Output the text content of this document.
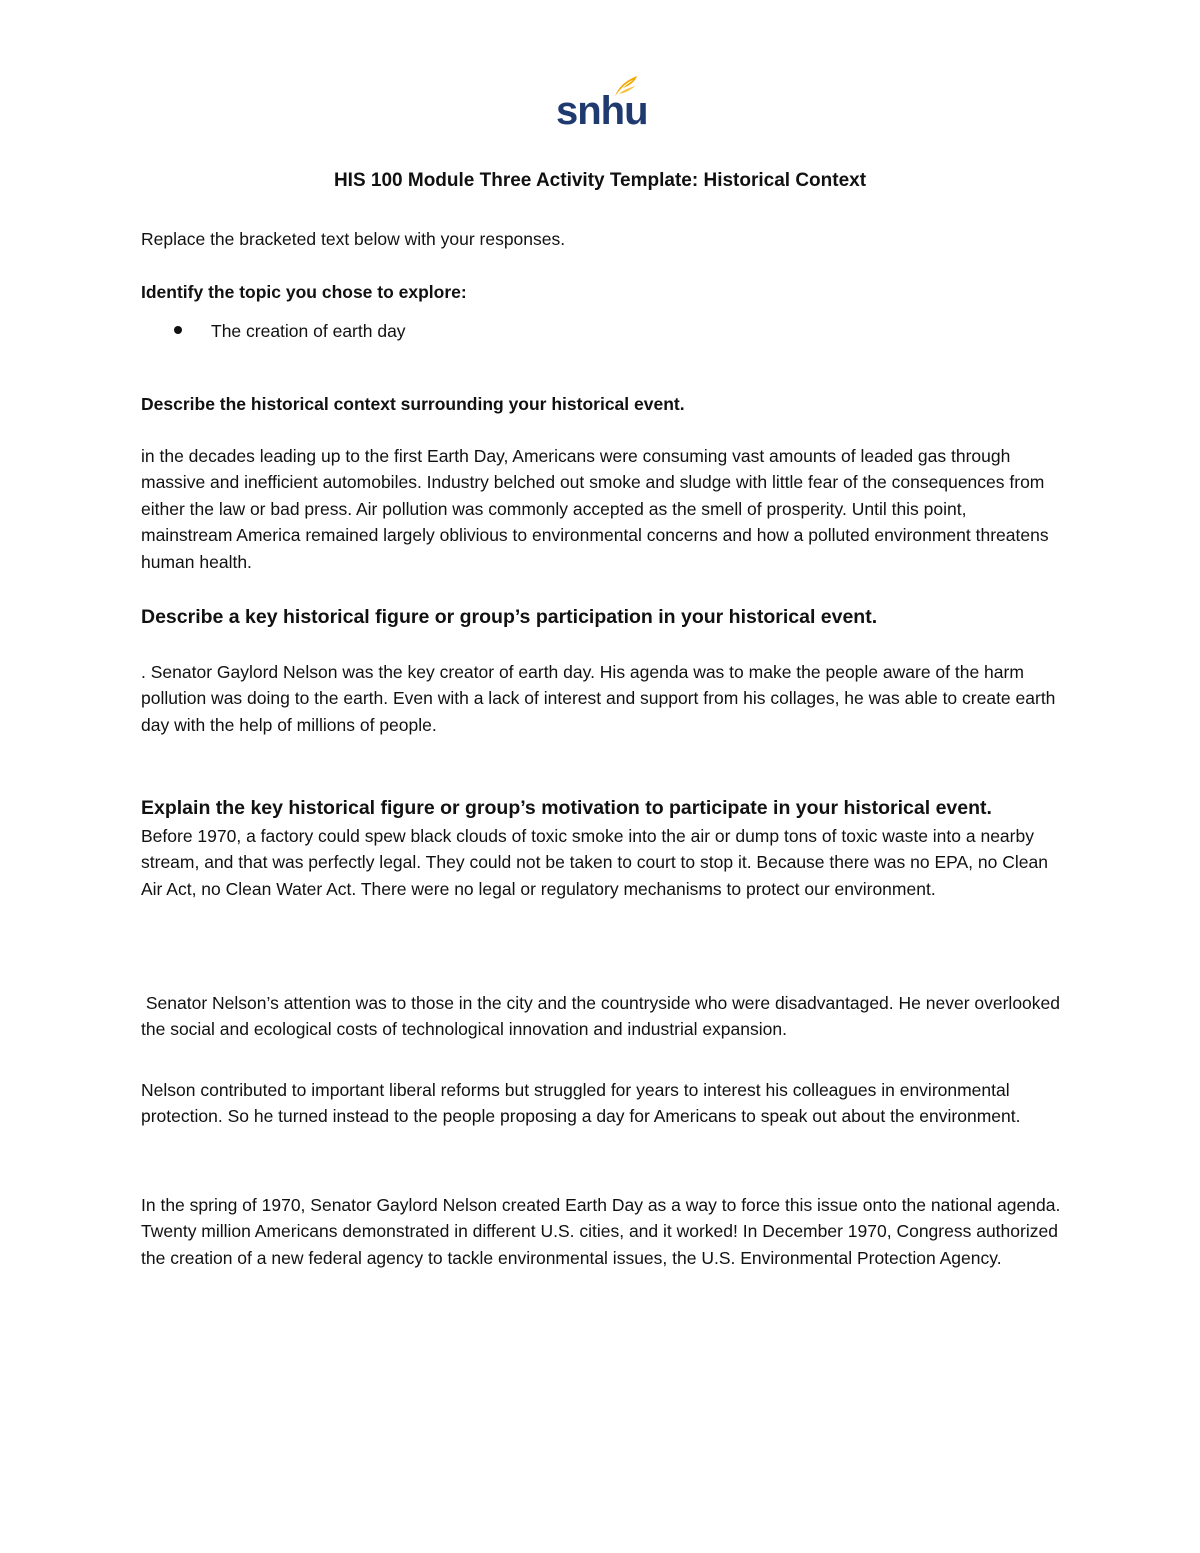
snhu
HIS 100 Module Three Activity Template: Historical Context

Replace the bracketed text below with your responses.

Identify the topic you chose to explore:

The creation of earth day

Describe the historical context surrounding your historical event.

in the decades leading up to the first Earth Day, Americans were consuming vast amounts of leaded gas through massive and inefficient automobiles. Industry belched out smoke and sludge with little fear of the consequences from either the law or bad press. Air pollution was commonly accepted as the smell of prosperity. Until this point, mainstream America remained largely oblivious to environmental concerns and how a polluted environment threatens human health.

Describe a key historical figure or group’s participation in your historical event.

. Senator Gaylord Nelson was the key creator of earth day. His agenda was to make the people aware of the harm pollution was doing to the earth. Even with a lack of interest and support from his collages, he was able to create earth day with the help of millions of people.

Explain the key historical figure or group’s motivation to participate in your historical event.

Before 1970, a factory could spew black clouds of toxic smoke into the air or dump tons of toxic waste into a nearby stream, and that was perfectly legal. They could not be taken to court to stop it. Because there was no EPA, no Clean Air Act, no Clean Water Act. There were no legal or regulatory mechanisms to protect our environment.

Senator Nelson’s attention was to those in the city and the countryside who were disadvantaged. He never overlooked the social and ecological costs of technological innovation and industrial expansion.

Nelson contributed to important liberal reforms but struggled for years to interest his colleagues in environmental protection. So he turned instead to the people proposing a day for Americans to speak out about the environment.

In the spring of 1970, Senator Gaylord Nelson created Earth Day as a way to force this issue onto the national agenda. Twenty million Americans demonstrated in different U.S. cities, and it worked! In December 1970, Congress authorized the creation of a new federal agency to tackle environmental issues, the U.S. Environmental Protection Agency.
